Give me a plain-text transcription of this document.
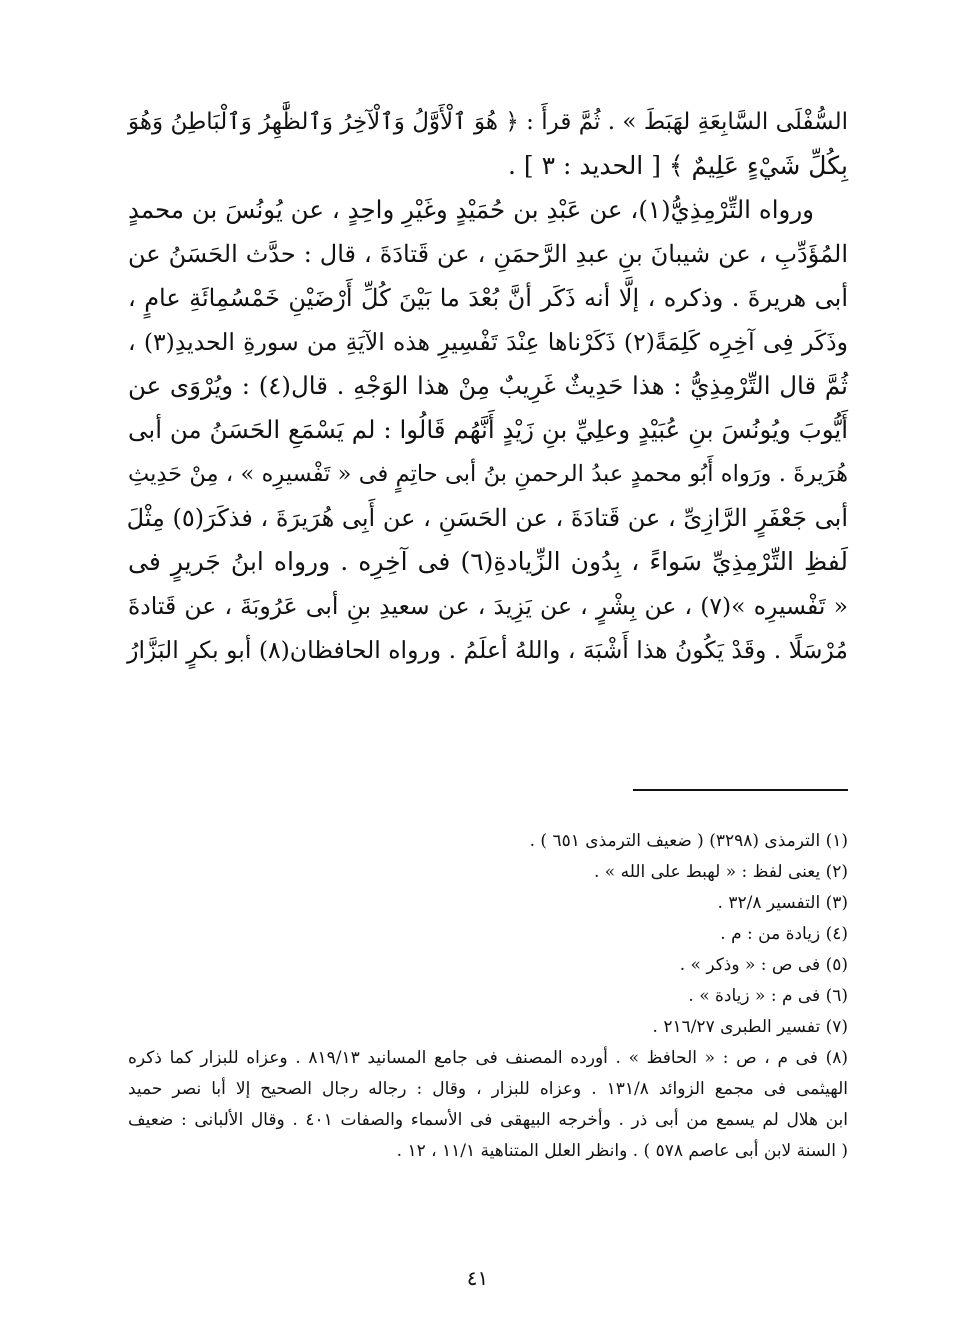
السُّفْلَى السَّابِعَةِ لهَبَطَ » . ثُمَّ قرأَ : ﴿ هُوَ ٱلْأَوَّلُ وَٱلْآخِرُ وَٱلظَّٰهِرُ وَٱلْبَاطِنُ وَهُوَ
بِكُلِّ شَيْءٍ عَلِيمٌ ﴾ [ الحديد : ٣ ] .
ورواه التِّرْمِذِيُّ(١)، عن عَبْدِ بن حُمَيْدٍ وغَيْرِ واحِدٍ ، عن يُونُسَ بن محمدٍ
المُؤَدِّبِ ، عن شيبانَ بنِ عبدِ الرَّحمَنِ ، عن قَتادَةَ ، قال : حدَّث الحَسَنُ عن
أبى هريرةَ . وذكره ، إلَّا أنه ذَكَر أنَّ بُعْدَ ما بَيْنَ كُلِّ أَرْضَيْنِ خَمْسُمِائَةِ عامٍ ،
وذَكَر فِى آخِرِه كَلِمَةً(٢) ذَكَرْناها عِنْدَ تَفْسِيرِ هذه الآيَةِ من سورةِ الحديدِ(٣) ،
ثُمَّ قال التِّرْمِذِيُّ : هذا حَدِيثٌ غَرِيبٌ مِنْ هذا الوَجْهِ . قال(٤) : ويُرْوَى عن
أَيُّوبَ ويُونُسَ بنِ عُبَيْدٍ وعلِيِّ بنِ زَيْدٍ أَنَّهُم قَالُوا : لم يَسْمَعِ الحَسَنُ من أبى
هُرَيرةَ . ورَواه أَبُو محمدٍ عبدُ الرحمنِ بنُ أبى حاتِمٍ فى « تَفْسيرِه » ، مِنْ حَدِيثِ
أبى جَعْفَرٍ الرَّازِىِّ ، عن قَتادَةَ ، عن الحَسَنِ ، عن أَبِى هُرَيرَةَ ، فذكَرَ(٥) مِثْلَ
لَفظِ التِّرْمِذِيِّ سَواءً ، بِدُون الزِّيادةِ(٦) فى آخِرِه . ورواه ابنُ جَريرٍ فى
« تَفْسيرِه »(٧) ، عن بِشْرٍ ، عن يَزِيدَ ، عن سعيدِ بنِ أبى عَرُوبَةَ ، عن قَتادةَ
مُرْسَلًا . وقَدْ يَكُونُ هذا أَشْبَهَ ، واللهُ أعلَمُ . ورواه الحافظان(٨) أبو بكرٍ البَزَّارُ
(١) الترمذى (٣٢٩٨) ( ضعيف الترمذى ٦٥١ ) .
(٢) يعنى لفظ : « لهبط على الله » .
(٣) التفسير ٣٢/٨ .
(٤) زيادة من : م .
(٥) فى ص : « وذكر » .
(٦) فى م : « زيادة » .
(٧) تفسير الطبرى ٢١٦/٢٧ .
(٨) فى م ، ص : « الحافظ » . أورده المصنف فى جامع المسانيد ٨١٩/١٣ . وعزاه للبزار كما ذكره
الهيثمى فى مجمع الزوائد ١٣١/٨ . وعزاه للبزار ، وقال : رجاله رجال الصحيح إلا أبا نصر حميد
ابن هلال لم يسمع من أبى ذر . وأخرجه البيهقى فى الأسماء والصفات ٤٠١ . وقال الألبانى : ضعيف
( السنة لابن أبى عاصم ٥٧٨ ) . وانظر العلل المتناهية ١١/١ ، ١٢ .
٤١
